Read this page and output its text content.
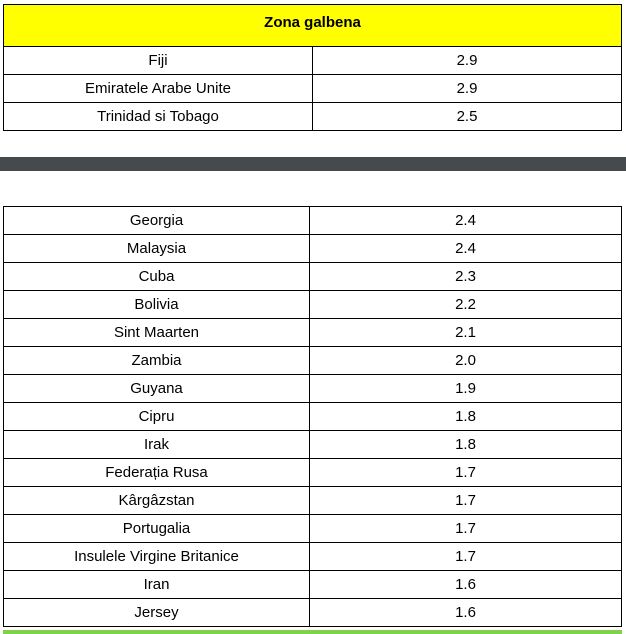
Zona galbena	
Fiji	2.9
Emiratele Arabe Unite	2.9
Trinidad si Tobago	2.5
Georgia	2.4
Malaysia	2.4
Cuba	2.3
Bolivia	2.2
Sint Maarten	2.1
Zambia	2.0
Guyana	1.9
Cipru	1.8
Irak	1.8
Federația Rusa	1.7
Kârgâzstan	1.7
Portugalia	1.7
Insulele Virgine Britanice	1.7
Iran	1.6
Jersey	1.6
